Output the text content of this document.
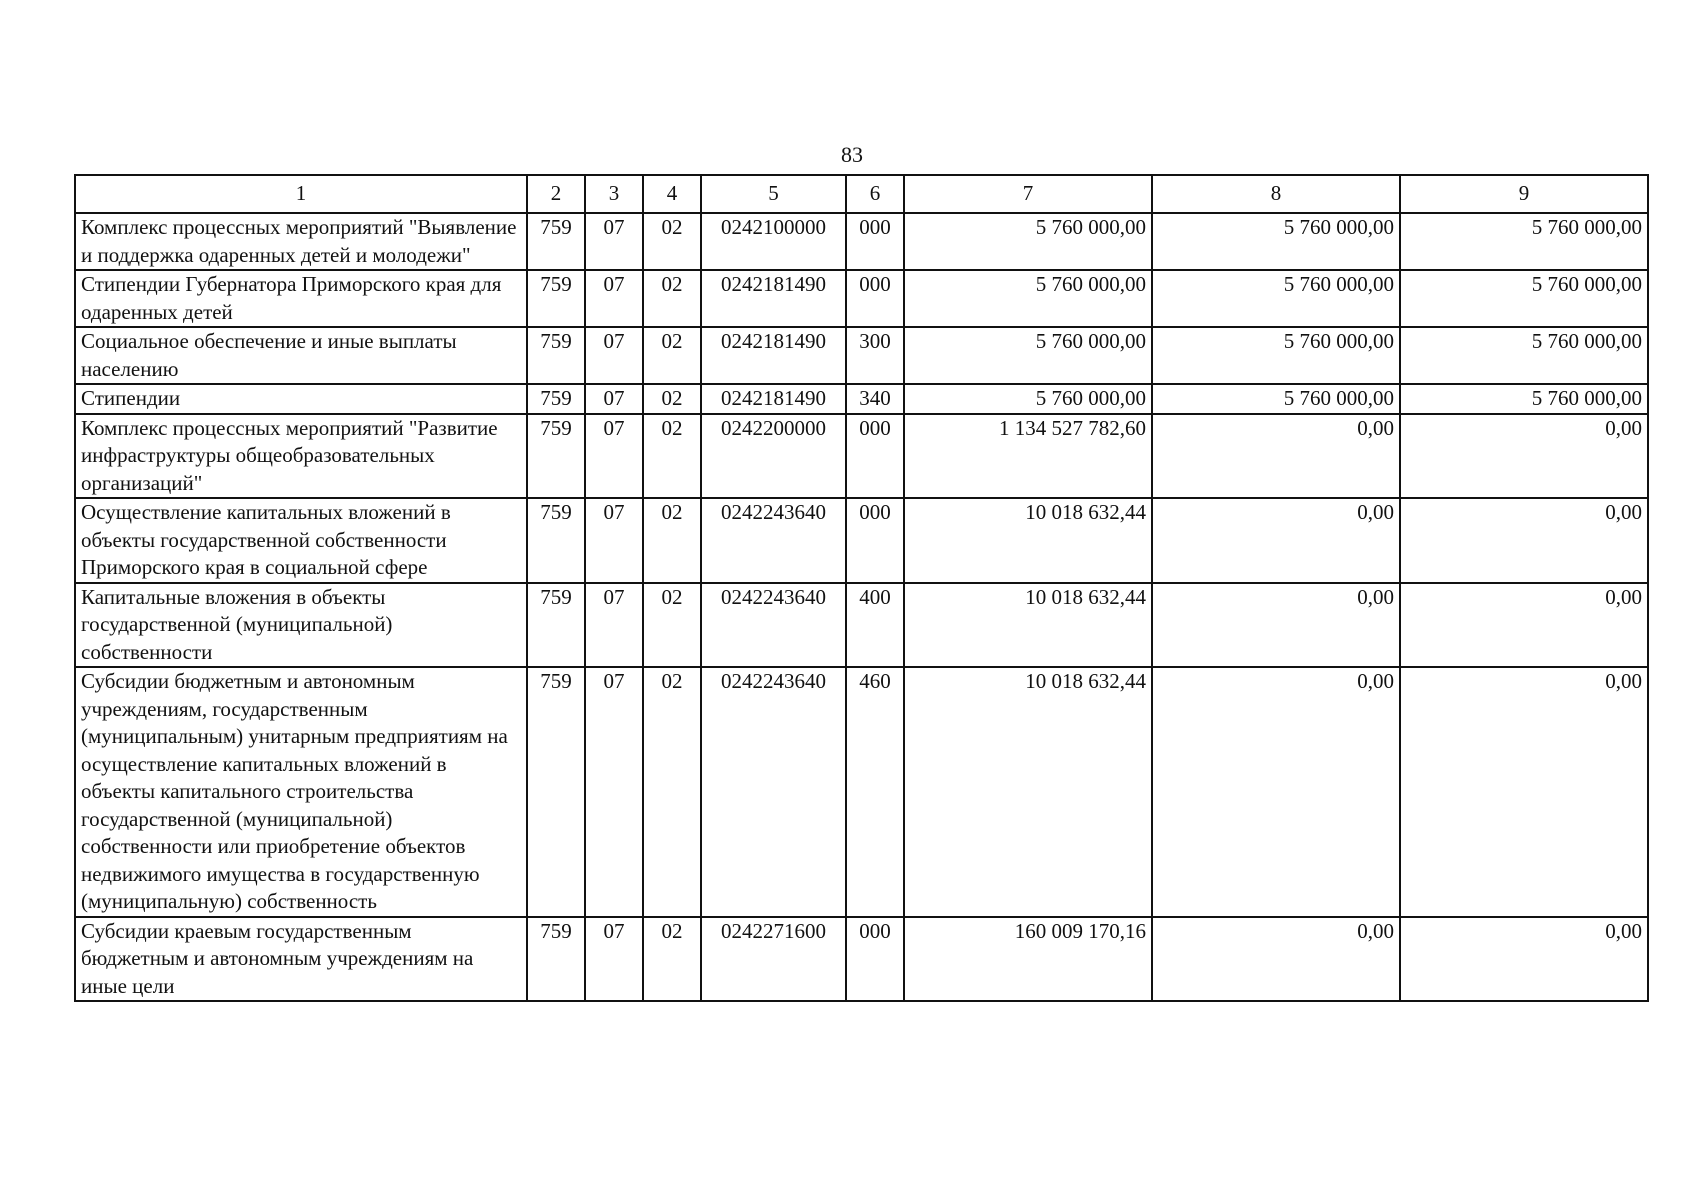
83
1	2	3	4	5	6	7	8	9
Комплекс процессных мероприятий "Выявление и поддержка одаренных детей и молодежи"	759	07	02	0242100000	000	5 760 000,00	5 760 000,00	5 760 000,00
Стипендии Губернатора Приморского края для одаренных детей	759	07	02	0242181490	000	5 760 000,00	5 760 000,00	5 760 000,00
Социальное обеспечение и иные выплаты населению	759	07	02	0242181490	300	5 760 000,00	5 760 000,00	5 760 000,00
Стипендии	759	07	02	0242181490	340	5 760 000,00	5 760 000,00	5 760 000,00
Комплекс процессных мероприятий "Развитие инфраструктуры общеобразовательных организаций"	759	07	02	0242200000	000	1 134 527 782,60	0,00	0,00
Осуществление капитальных вложений в объекты государственной собственности Приморского края в социальной сфере	759	07	02	0242243640	000	10 018 632,44	0,00	0,00
Капитальные вложения в объекты государственной (муниципальной) собственности	759	07	02	0242243640	400	10 018 632,44	0,00	0,00
Субсидии бюджетным и автономным учреждениям, государственным (муниципальным) унитарным предприятиям на осуществление капитальных вложений в объекты капитального строительства государственной (муниципальной) собственности или приобретение объектов недвижимого имущества в государственную (муниципальную) собственность	759	07	02	0242243640	460	10 018 632,44	0,00	0,00
Субсидии краевым государственным бюджетным и автономным учреждениям на иные цели	759	07	02	0242271600	000	160 009 170,16	0,00	0,00
